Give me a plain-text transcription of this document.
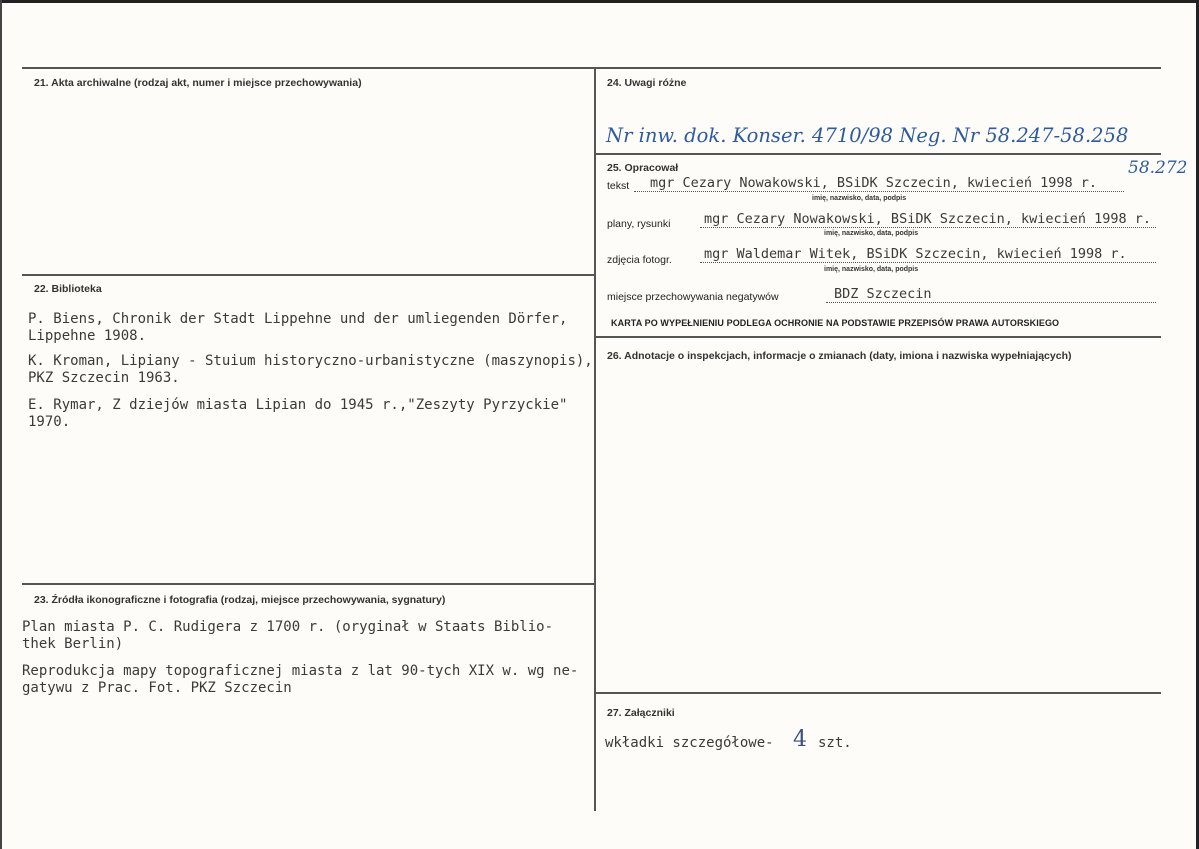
21. Akta archiwalne (rodzaj akt, numer i miejsce przechowywania)
22. Biblioteka
P. Biens, Chronik der Stadt Lippehne und der umliegenden Dörfer,
Lippehne 1908.
K. Kroman, Lipiany - Stuium historyczno-urbanistyczne (maszynopis),
PKZ Szczecin 1963.
E. Rymar, Z dziejów miasta Lipian do 1945 r.,"Zeszyty Pyrzyckie"
1970.
23. Źródła ikonograficzne i fotografia (rodzaj, miejsce przechowywania, sygnatury)
Plan miasta P. C. Rudigera z 1700 r. (oryginał w Staats Biblio-
thek Berlin)
Reprodukcja mapy topograficznej miasta z lat 90-tych XIX w. wg ne-
gatywu z Prac. Fot. PKZ Szczecin
24. Uwagi różne
Nr inw. dok. Konser. 4710/98 Neg. Nr 58.247-58.258
58.272
25. Opracował
tekst	mgr Cezary Nowakowski, BSiDK Szczecin, kwiecień 1998 r.
imię, nazwisko, data, podpis
plany, rysunki mgr Cezary Nowakowski, BSiDK Szczecin, kwiecień 1998 r.
imię, nazwisko, data, podpis
zdjęcia fotogr. mgr Waldemar Witek, BSiDK Szczecin, kwiecień 1998 r.
imię, nazwisko, data, podpis
miejsce przechowywania negatywów	BDZ Szczecin
KARTA PO WYPEŁNIENIU PODLEGA OCHRONIE NA PODSTAWIE PRZEPISÓW PRAWA AUTORSKIEGO
26. Adnotacje o inspekcjach, informacje o zmianach (daty, imiona i nazwiska wypełniających)
27. Załączniki
wkładki szczegółowe- 4 szt.
